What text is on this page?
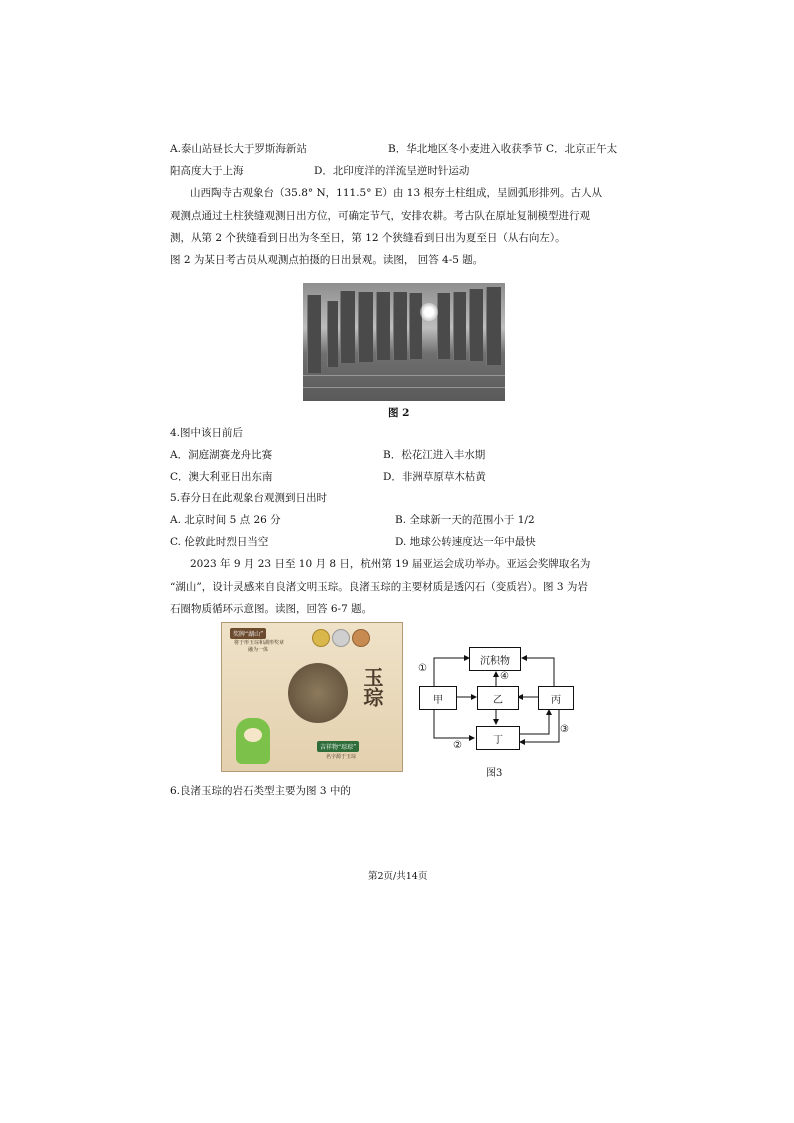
A.泰山站昼长大于罗斯海新站	B．华北地区冬小麦进入收获季节 C．北京正午太
阳高度大于上海	D．北印度洋的洋流呈逆时针运动
山西陶寺古观象台（35.8° N，111.5° E）由 13 根夯土柱组成，呈圆弧形排列。古人从
观测点通过土柱狭缝观测日出方位，可确定节气，安排农耕。考古队在原址复制模型进行观
测，从第 2 个狭缝看到日出为冬至日，第 12 个狭缝看到日出为夏至日（从右向左）。
图 2 为某日考古员从观测点拍摄的日出景观。读图， 回答 4-5 题。
图 2
4.图中该日前后
A．洞庭湖赛龙舟比赛	B．松花江进入丰水期
C．澳大利亚日出东南	D．非洲草原草木枯黄
5.春分日在此观象台观测到日出时
A. 北京时间 5 点 26 分	B. 全球新一天的范围小于 1/2
C. 伦敦此时烈日当空	D. 地球公转速度达一年中最快
2023 年 9 月 23 日至 10 月 8 日，杭州第 19 届亚运会成功举办。亚运会奖牌取名为
“湖山”，设计灵感来自良渚文明玉琮。良渚玉琮的主要材质是透闪石（变质岩）。图 3 为岩
石圈物质循环示意图。读图，回答 6-7 题。
奖牌“湖山”
将于形玉琮和湖形奖章
融为一体
玉琮
吉祥物“琮琮”
名字源于玉琮
沉积物
甲	乙	丙
丁
①
④
②
③
图3
6.良渚玉琮的岩石类型主要为图 3 中的
第2页/共14页
